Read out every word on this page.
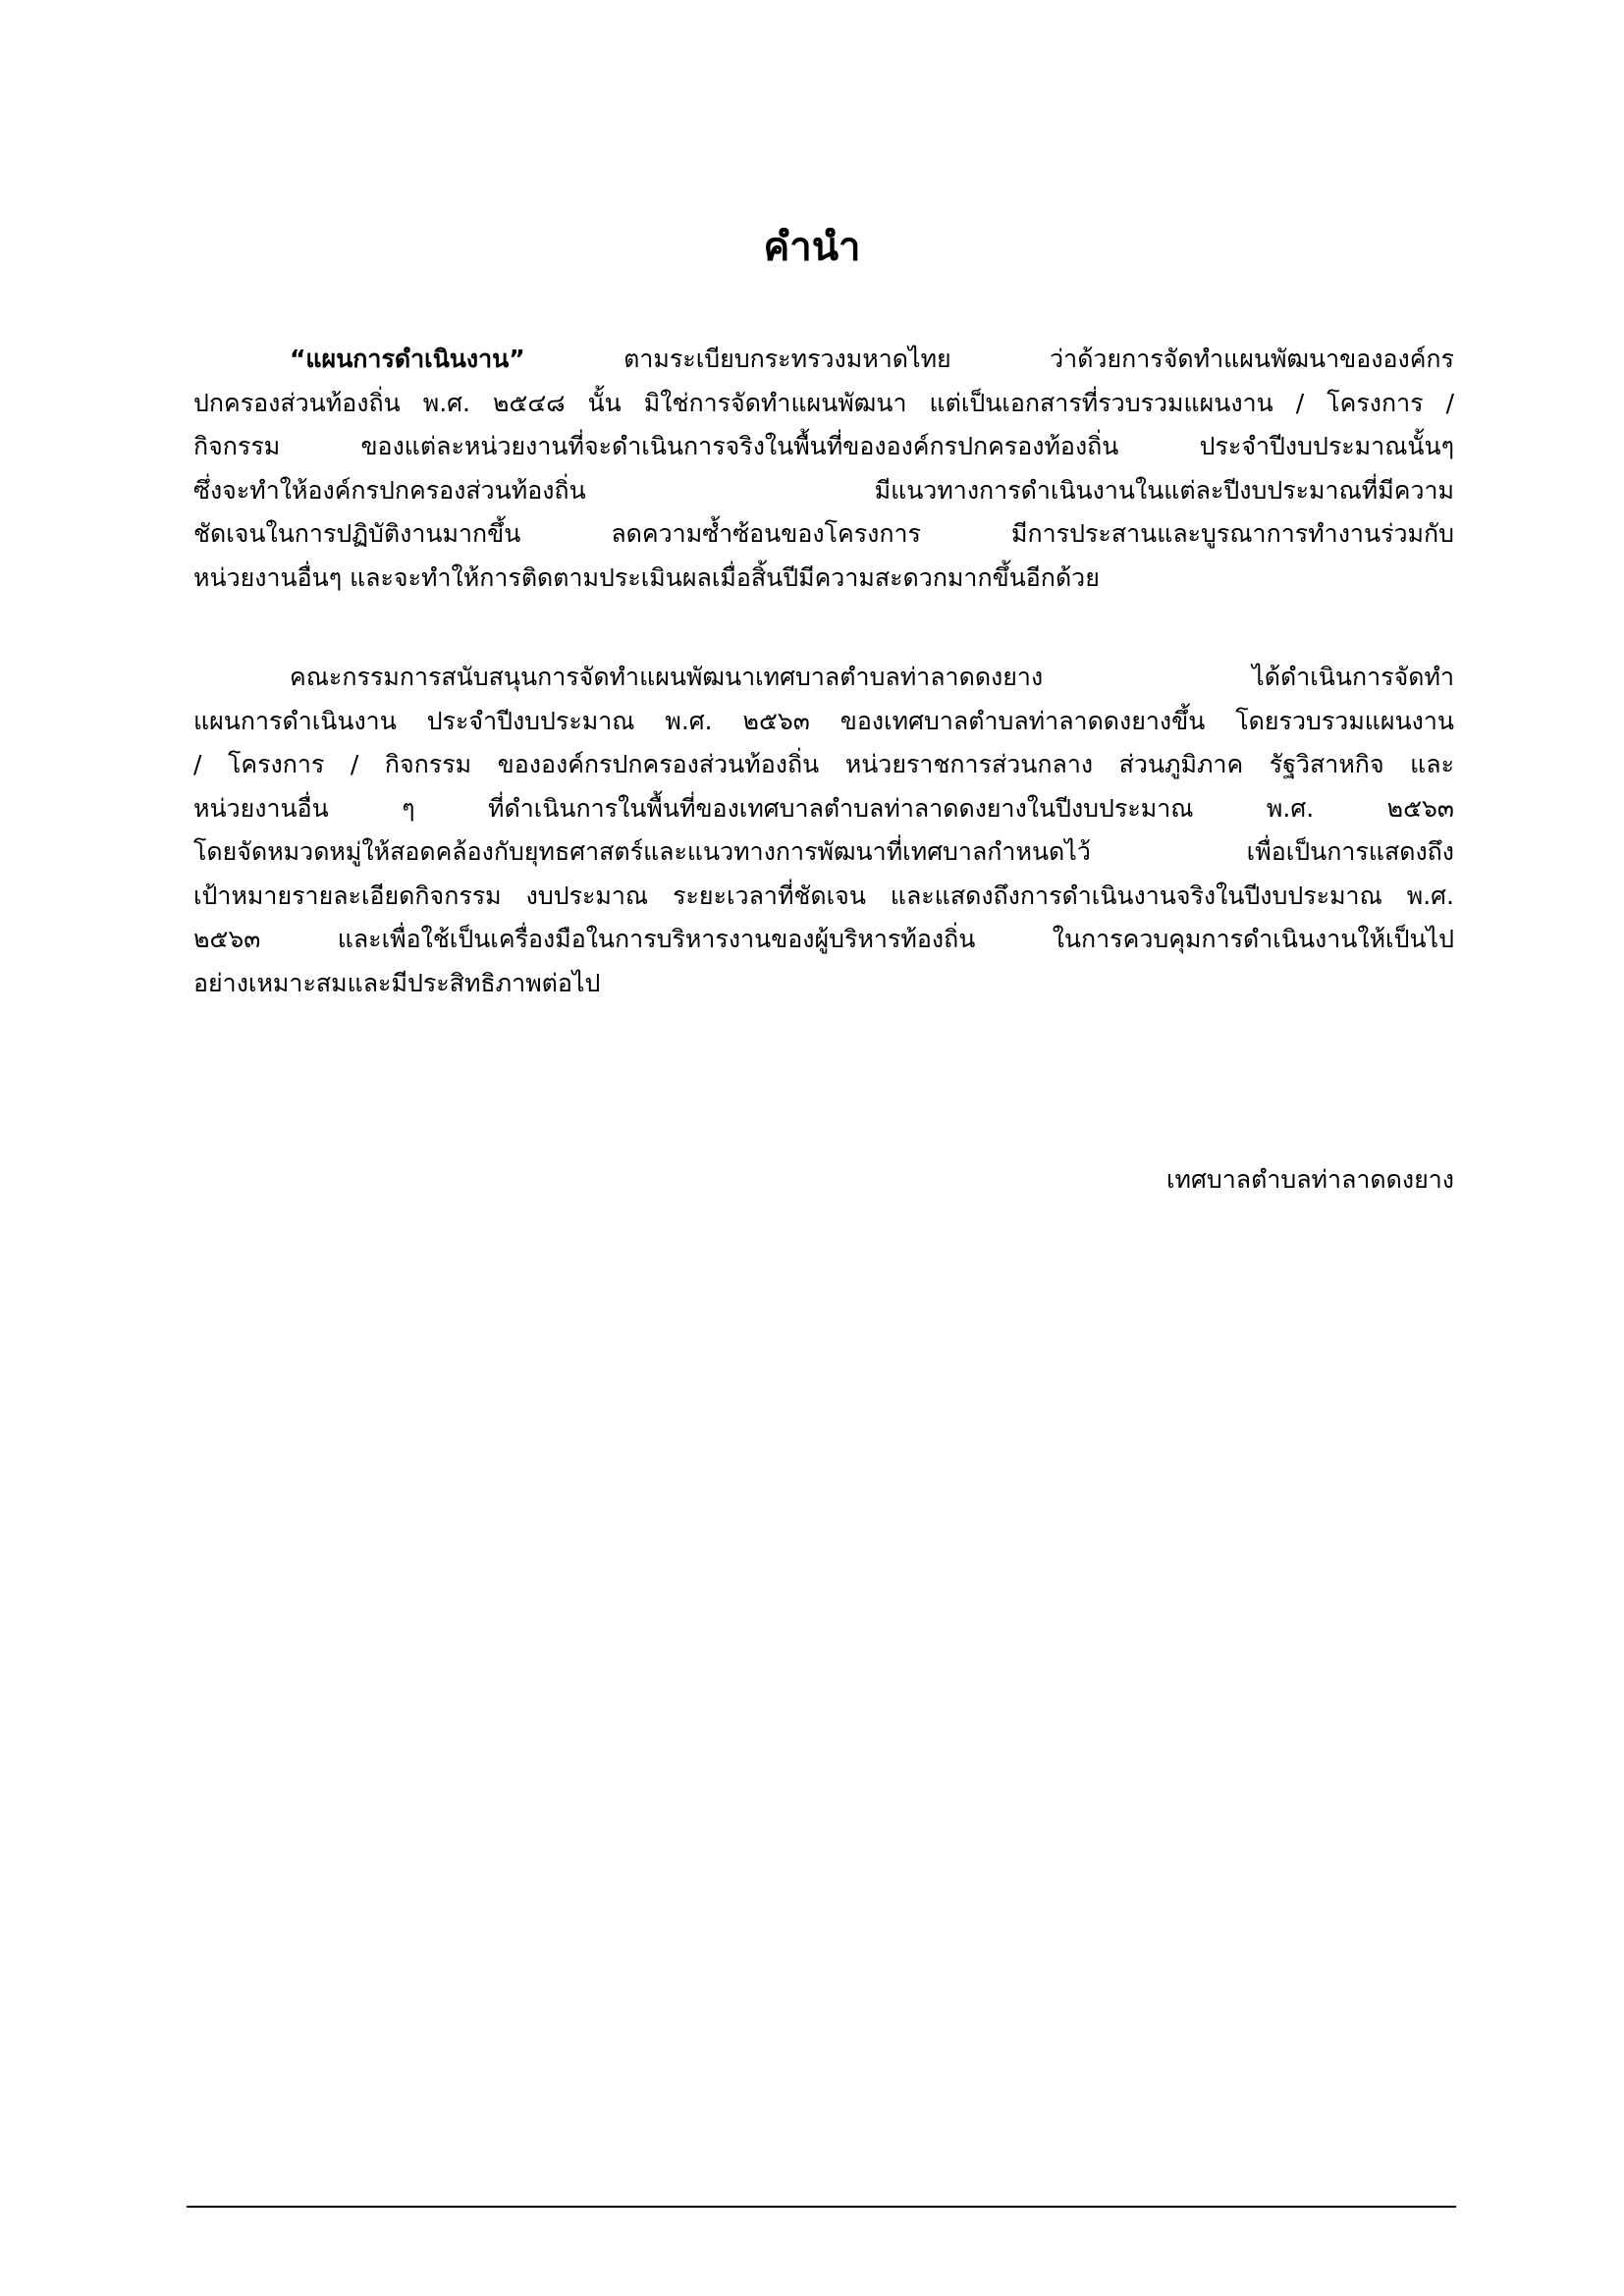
คำนำ
“แผนการดำเนินงาน” ตามระเบียบกระทรวงมหาดไทย ว่าด้วยการจัดทำแผนพัฒนาขององค์กร
ปกครองส่วนท้องถิ่น พ.ศ. ๒๕๔๘ นั้น มิใช่การจัดทำแผนพัฒนา แต่เป็นเอกสารที่รวบรวมแผนงาน / โครงการ /
กิจกรรม ของแต่ละหน่วยงานที่จะดำเนินการจริงในพื้นที่ขององค์กรปกครองท้องถิ่น ประจำปีงบประมาณนั้นๆ
ซึ่งจะทำให้องค์กรปกครองส่วนท้องถิ่น มีแนวทางการดำเนินงานในแต่ละปีงบประมาณที่มีความ
ชัดเจนในการปฏิบัติงานมากขึ้น ลดความซ้ำซ้อนของโครงการ มีการประสานและบูรณาการทำงานร่วมกับ
หน่วยงานอื่นๆ และจะทำให้การติดตามประเมินผลเมื่อสิ้นปีมีความสะดวกมากขึ้นอีกด้วย
คณะกรรมการสนับสนุนการจัดทำแผนพัฒนาเทศบาลตำบลท่าลาดดงยาง ได้ดำเนินการจัดทำ
แผนการดำเนินงาน ประจำปีงบประมาณ พ.ศ. ๒๕๖๓ ของเทศบาลตำบลท่าลาดดงยางขึ้น โดยรวบรวมแผนงาน
/ โครงการ / กิจกรรม ขององค์กรปกครองส่วนท้องถิ่น หน่วยราชการส่วนกลาง ส่วนภูมิภาค รัฐวิสาหกิจ และ
หน่วยงานอื่น ๆ ที่ดำเนินการในพื้นที่ของเทศบาลตำบลท่าลาดดงยางในปีงบประมาณ พ.ศ. ๒๕๖๓
โดยจัดหมวดหมู่ให้สอดคล้องกับยุทธศาสตร์และแนวทางการพัฒนาที่เทศบาลกำหนดไว้ เพื่อเป็นการแสดงถึง
เป้าหมายรายละเอียดกิจกรรม งบประมาณ ระยะเวลาที่ชัดเจน และแสดงถึงการดำเนินงานจริงในปีงบประมาณ พ.ศ.
๒๕๖๓ และเพื่อใช้เป็นเครื่องมือในการบริหารงานของผู้บริหารท้องถิ่น ในการควบคุมการดำเนินงานให้เป็นไป
อย่างเหมาะสมและมีประสิทธิภาพต่อไป
เทศบาลตำบลท่าลาดดงยาง
